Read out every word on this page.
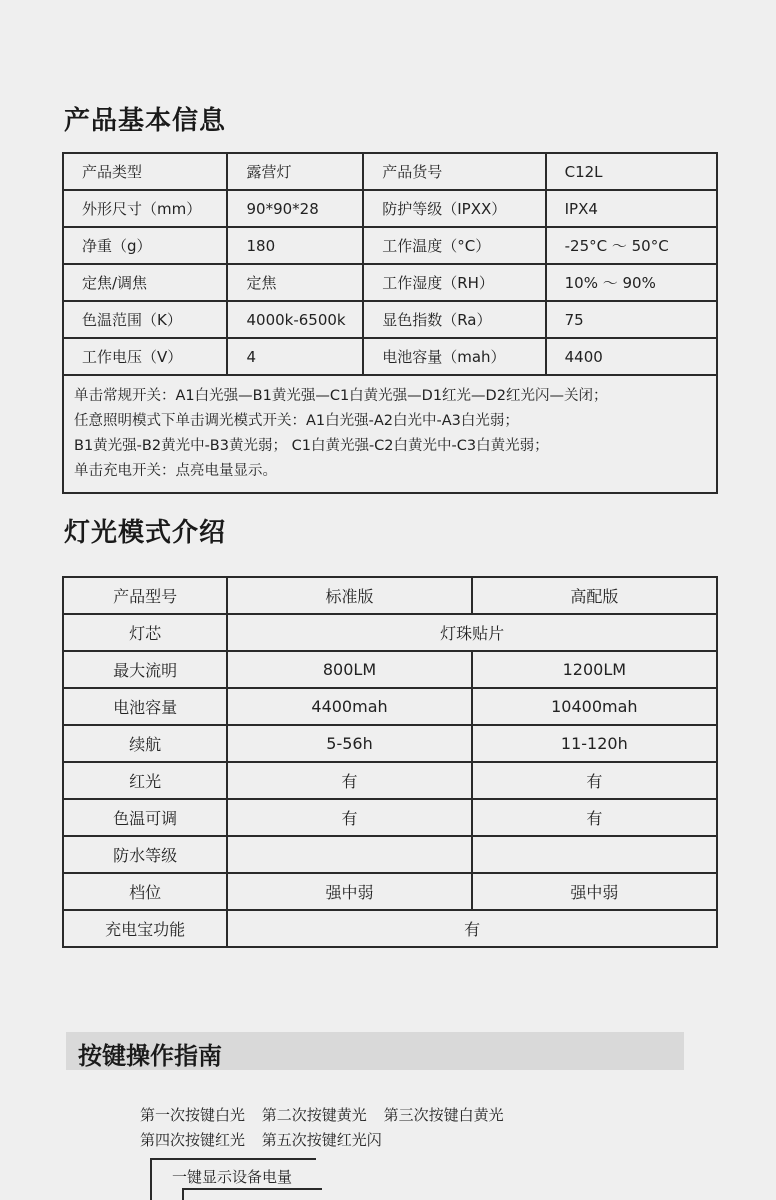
产品基本信息
产品类型	露营灯	产品货号	C12L
外形尺寸（mm）	90*90*28	防护等级（IPXX）	IPX4
净重（g）	180	工作温度（°C）	-25°C ～ 50°C
定焦/调焦	定焦	工作湿度（RH）	10% ～ 90%
色温范围（K）	4000k-6500k	显色指数（Ra）	75
工作电压（V）	4	电池容量（mah）	4400

单击常规开关：A1白光强—B1黄光强—C1白黄光强—D1红光—D2红光闪—关闭；
任意照明模式下单击调光模式开关：A1白光强-A2白光中-A3白光弱；
B1黄光强-B2黄光中-B3黄光弱； C1白黄光强-C2白黄光中-C3白黄光弱；
单击充电开关：点亮电量显示。			
灯光模式介绍
产品型号	标准版	高配版
灯芯	灯珠贴片	
最大流明	800LM	1200LM
电池容量	4400mah	10400mah
续航	5-56h	11-120h
红光	有	有
色温可调	有	有
防水等级		
档位	强中弱	强中弱
充电宝功能	有	
按键操作指南
第一次按键白光 第二次按键黄光 第三次按键白黄光
第四次按键红光 第五次按键红光闪
一键显示设备电量
